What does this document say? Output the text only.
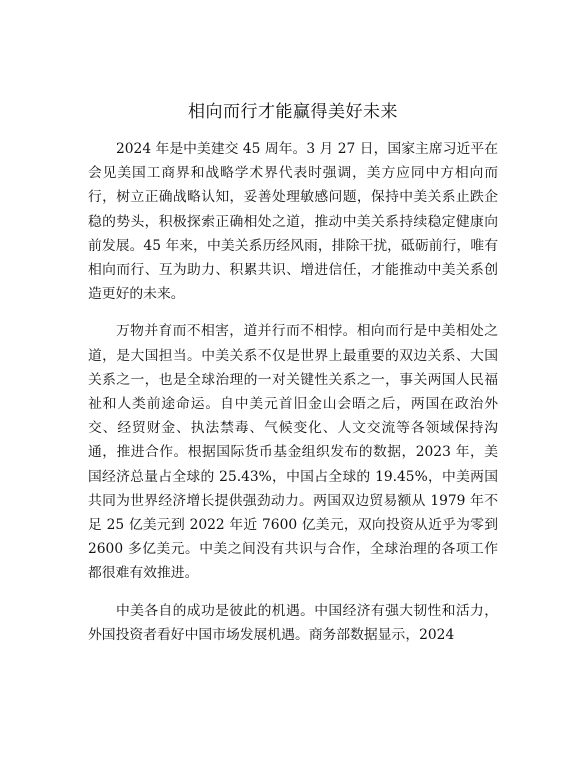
相向而行才能赢得美好未来

2024 年是中美建交 45 周年。3 月 27 日，国家主席习近平在会见美国工商界和战略学术界代表时强调，美方应同中方相向而行，树立正确战略认知，妥善处理敏感问题，保持中美关系止跌企稳的势头，积极探索正确相处之道，推动中美关系持续稳定健康向前发展。45 年来，中美关系历经风雨，排除干扰，砥砺前行，唯有相向而行、互为助力、积累共识、增进信任，才能推动中美关系创造更好的未来。

万物并育而不相害，道并行而不相悖。相向而行是中美相处之道，是大国担当。中美关系不仅是世界上最重要的双边关系、大国关系之一，也是全球治理的一对关键性关系之一，事关两国人民福祉和人类前途命运。自中美元首旧金山会晤之后，两国在政治外交、经贸财金、执法禁毒、气候变化、人文交流等各领域保持沟通，推进合作。根据国际货币基金组织发布的数据，2023 年，美国经济总量占全球的 25.43%，中国占全球的 19.45%，中美两国共同为世界经济增长提供强劲动力。两国双边贸易额从 1979 年不足 25 亿美元到 2022 年近 7600 亿美元，双向投资从近乎为零到 2600 多亿美元。中美之间没有共识与合作，全球治理的各项工作都很难有效推进。

中美各自的成功是彼此的机遇。中国经济有强大韧性和活力，外国投资者看好中国市场发展机遇。商务部数据显示，2024
